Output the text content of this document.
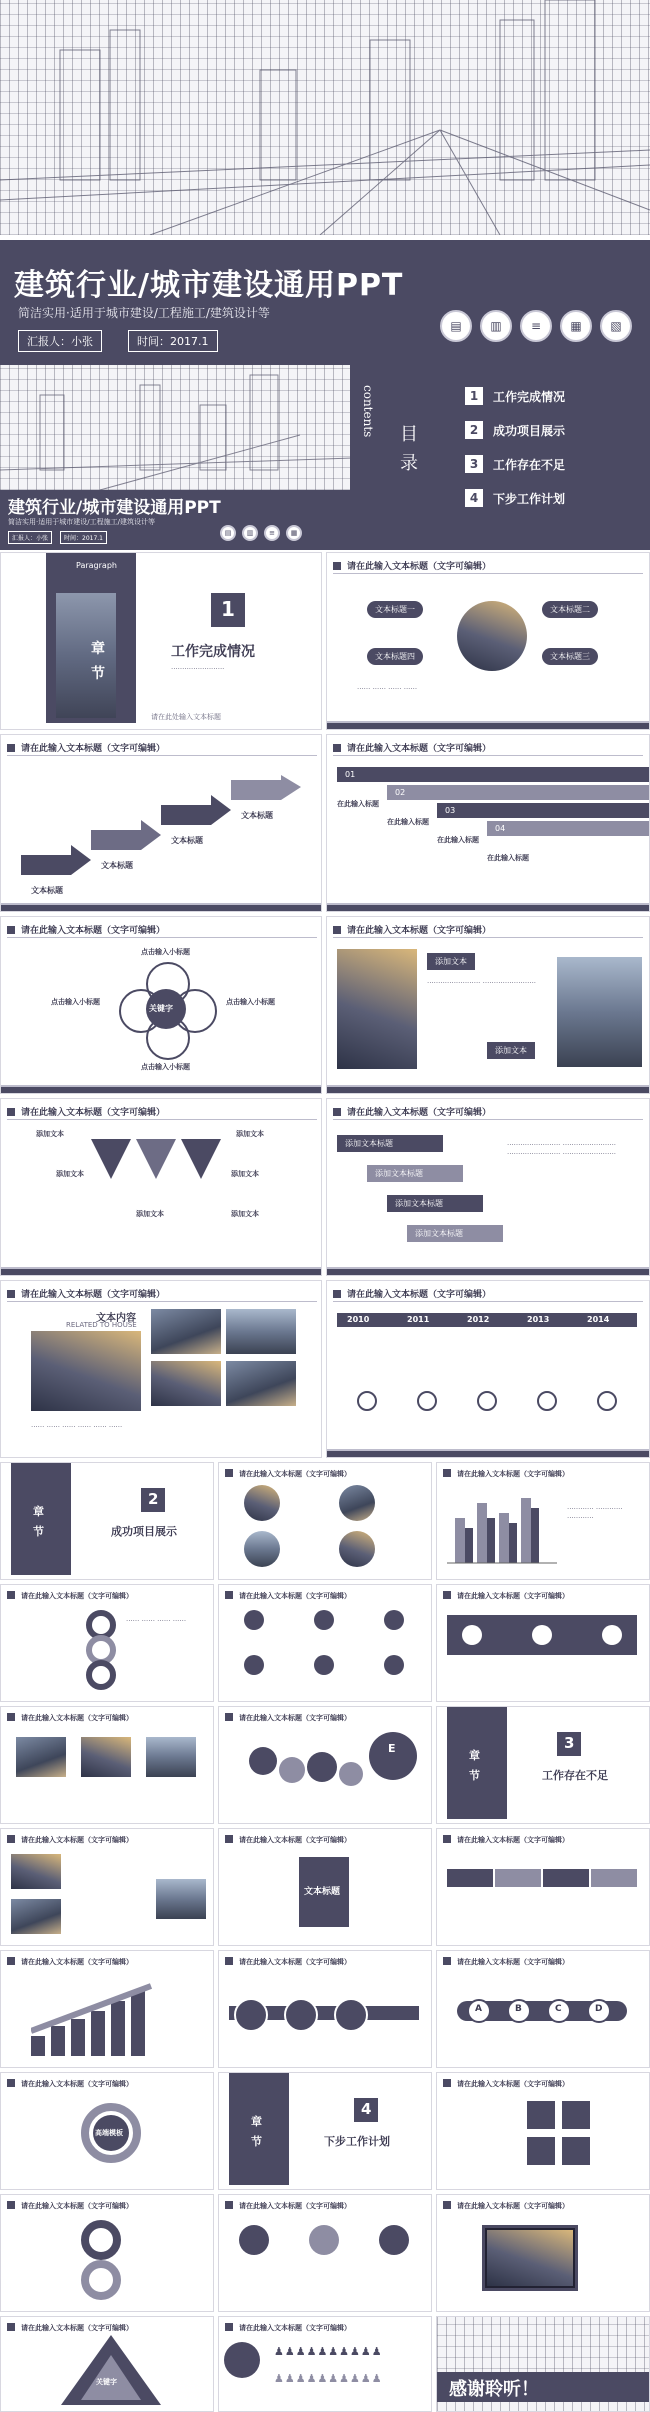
建筑行业/城市建设通用PPT
简洁实用·适用于城市建设/工程施工/建筑设计等
汇报人：小张	时间：2017.1
▤	▥	≡	▦	▧
建筑行业/城市建设通用PPT
简洁实用·适用于城市建设/工程施工/建筑设计等
汇报人：小张	时间：2017.1
▤	▥	≡	▦
contents 目
录
1	工作完成情况
2	成功项目展示
3	工作存在不足
4	下步工作计划
Paragraph
章
节
1
工作完成情况
........................
请在此处输入文本标题
请在此输入文本标题（文字可编辑）
文本标题一	文本标题二
文本标题四	文本标题三
...... ...... ...... ......
请在此输入文本标题（文字可编辑）
文本标题
文本标题
文本标题
文本标题
请在此输入文本标题（文字可编辑）
01
02
03
04
在此输入标题
在此输入标题
在此输入标题
在此输入标题
请在此输入文本标题（文字可编辑）
关键字
点击输入小标题
点击输入小标题	点击输入小标题
点击输入小标题
请在此输入文本标题（文字可编辑）
添加文本
........................ ........................
添加文本
请在此输入文本标题（文字可编辑）
添加文本
添加文本
添加文本
添加文本
添加文本
添加文本
请在此输入文本标题（文字可编辑）
添加文本标题
添加文本标题
添加文本标题
添加文本标题
........................ ........................ ........................ ........................
请在此输入文本标题（文字可编辑）
文本内容
RELATED TO HOUSE
...... ...... ...... ...... ...... ......
请在此输入文本标题（文字可编辑）
2010	2011	2012	2013	2014
章
节
2
成功项目展示
请在此输入文本标题（文字可编辑）	请在此输入文本标题（文字可编辑）
............ ............ ............
请在此输入文本标题（文字可编辑）
...... ...... ...... ......
请在此输入文本标题（文字可编辑）	请在此输入文本标题（文字可编辑）
请在此输入文本标题（文字可编辑）	请在此输入文本标题（文字可编辑）
E	3
工作存在不足
章
节
请在此输入文本标题（文字可编辑）	请在此输入文本标题（文字可编辑）
文本标题
请在此输入文本标题（文字可编辑）
请在此输入文本标题（文字可编辑）	请在此输入文本标题（文字可编辑）	请在此输入文本标题（文字可编辑）
A	B	C	D
请在此输入文本标题（文字可编辑）
高端模板
章
节
4
下步工作计划
请在此输入文本标题（文字可编辑）
请在此输入文本标题（文字可编辑）	请在此输入文本标题（文字可编辑）	请在此输入文本标题（文字可编辑）
请在此输入文本标题（文字可编辑）
关键字
请在此输入文本标题（文字可编辑）
♟♟♟♟♟♟♟♟♟♟
♟♟♟♟♟♟♟♟♟♟
感谢聆听！
